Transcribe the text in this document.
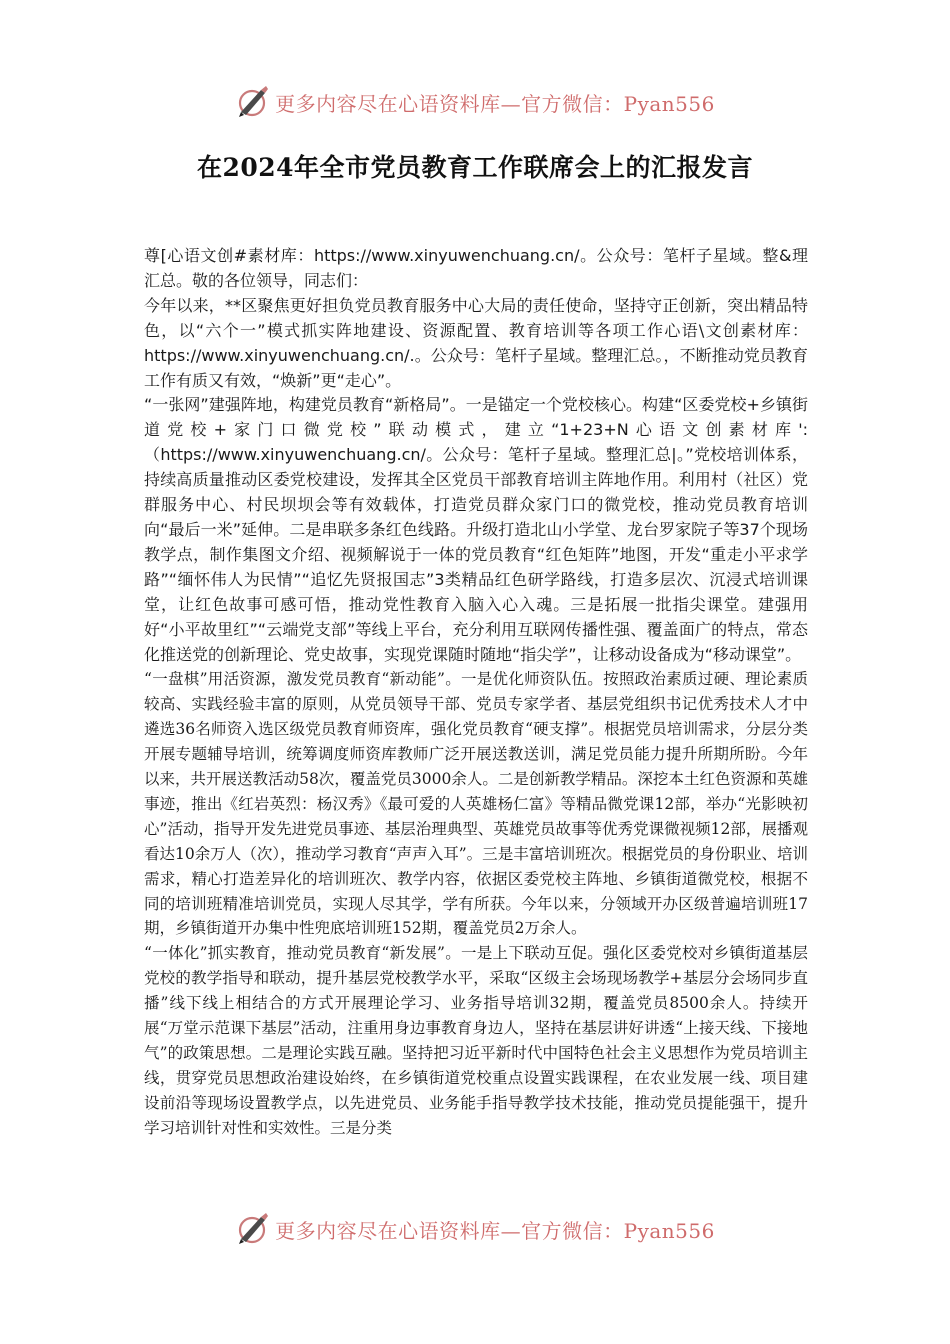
更多内容尽在心语资料库—官方微信：Pyan556
在2024年全市党员教育工作联席会上的汇报发言

尊[心语文创#素材库：https://www.xinyuwenchuang.cn/。公众号：笔杆子星域。整&理汇总。敬的各位领导，同志们：

今年以来，**区聚焦更好担负党员教育服务中心大局的责任使命，坚持守正创新，突出精品特色，以“六个一”模式抓实阵地建设、资源配置、教育培训等各项工作心语\文创素材库：https://www.xinyuwenchuang.cn/.。公众号：笔杆子星域。整理汇总。，不断推动党员教育工作有质又有效，“焕新”更“走心”。

“一张网”建强阵地，构建党员教育“新格局”。一是锚定一个党校核心。构建“区委党校+乡镇街道党校+家门口微党校”联动模式，建立“1+23+N心语文创素材库':（https://www.xinyuwenchuang.cn/。公众号：笔杆子星域。整理汇总|。”党校培训体系，持续高质量推动区委党校建设，发挥其全区党员干部教育培训主阵地作用。利用村（社区）党群服务中心、村民坝坝会等有效载体，打造党员群众家门口的微党校，推动党员教育培训向“最后一米”延伸。二是串联多条红色线路。升级打造北山小学堂、龙台罗家院子等37个现场教学点，制作集图文介绍、视频解说于一体的党员教育“红色矩阵”地图，开发“重走小平求学路”“缅怀伟人为民情”“追忆先贤报国志”3类精品红色研学路线，打造多层次、沉浸式培训课堂，让红色故事可感可悟，推动党性教育入脑入心入魂。三是拓展一批指尖课堂。建强用好“小平故里红”“云端党支部”等线上平台，充分利用互联网传播性强、覆盖面广的特点，常态化推送党的创新理论、党史故事，实现党课随时随地“指尖学”，让移动设备成为“移动课堂”。

“一盘棋”用活资源，激发党员教育“新动能”。一是优化师资队伍。按照政治素质过硬、理论素质较高、实践经验丰富的原则，从党员领导干部、党员专家学者、基层党组织书记优秀技术人才中遴选36名师资入选区级党员教育师资库，强化党员教育“硬支撑”。根据党员培训需求，分层分类开展专题辅导培训，统筹调度师资库教师广泛开展送教送训，满足党员能力提升所期所盼。今年以来，共开展送教活动58次，覆盖党员3000余人。二是创新教学精品。深挖本土红色资源和英雄事迹，推出《红岩英烈：杨汉秀》《最可爱的人英雄杨仁富》等精品微党课12部，举办“光影映初心”活动，指导开发先进党员事迹、基层治理典型、英雄党员故事等优秀党课微视频12部，展播观看达10余万人（次），推动学习教育“声声入耳”。三是丰富培训班次。根据党员的身份职业、培训需求，精心打造差异化的培训班次、教学内容，依据区委党校主阵地、乡镇街道微党校，根据不同的培训班精准培训党员，实现人尽其学，学有所获。今年以来，分领域开办区级普遍培训班17期，乡镇街道开办集中性兜底培训班152期，覆盖党员2万余人。

“一体化”抓实教育，推动党员教育“新发展”。一是上下联动互促。强化区委党校对乡镇街道基层党校的教学指导和联动，提升基层党校教学水平，采取“区级主会场现场教学+基层分会场同步直播”线下线上相结合的方式开展理论学习、业务指导培训32期，覆盖党员8500余人。持续开展“万堂示范课下基层”活动，注重用身边事教育身边人，坚持在基层讲好讲透“上接天线、下接地气”的政策思想。二是理论实践互融。坚持把习近平新时代中国特色社会主义思想作为党员培训主线，贯穿党员思想政治建设始终，在乡镇街道党校重点设置实践课程，在农业发展一线、项目建设前沿等现场设置教学点，以先进党员、业务能手指导教学技术技能，推动党员提能强干，提升学习培训针对性和实效性。三是分类

更多内容尽在心语资料库—官方微信：Pyan556
